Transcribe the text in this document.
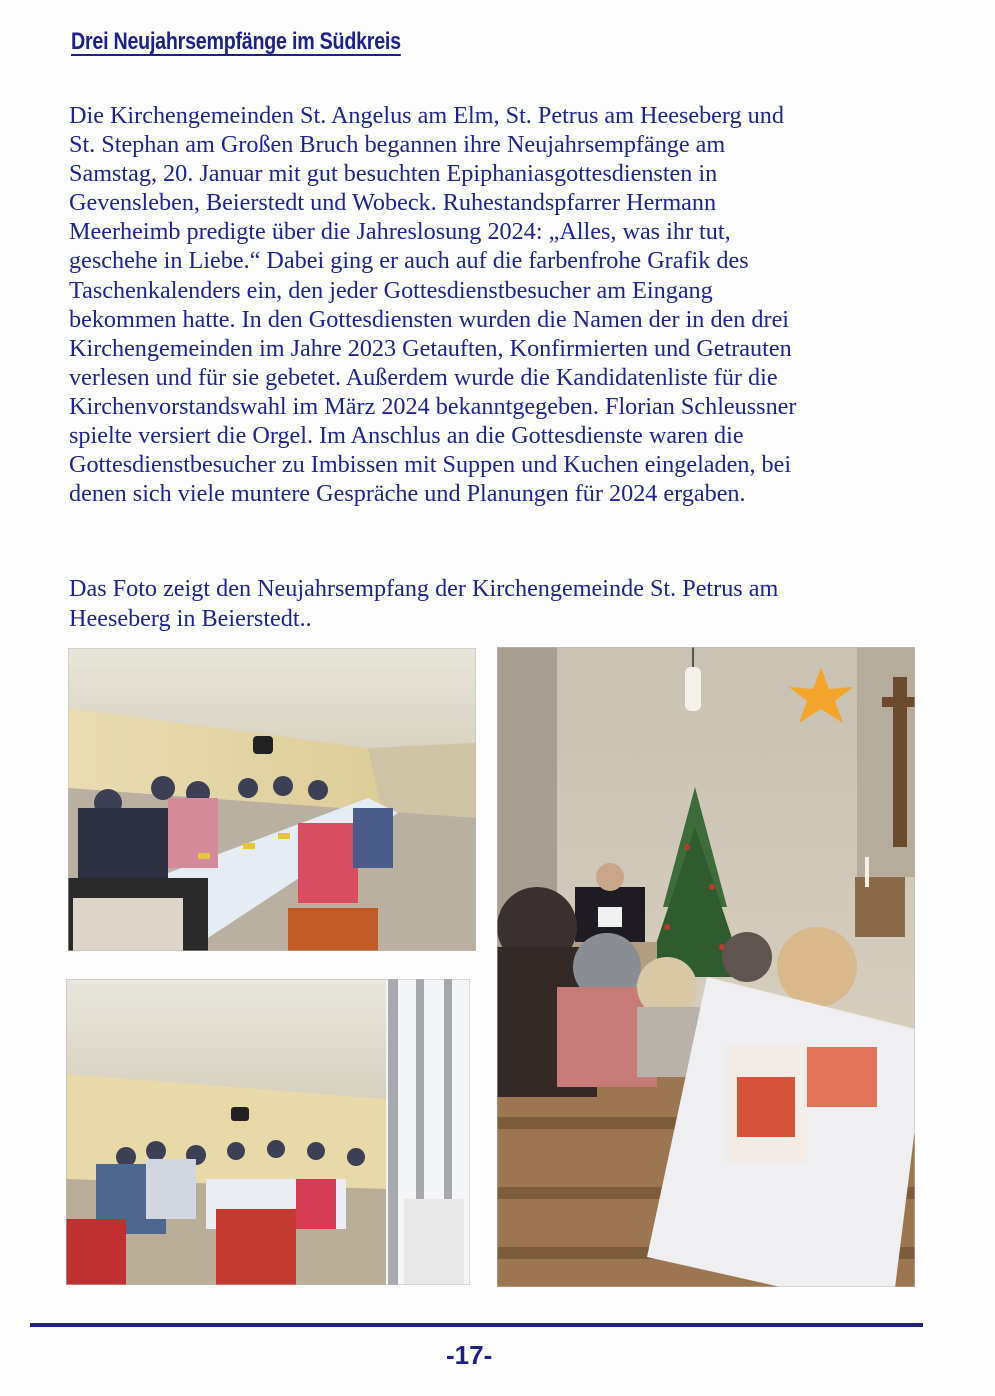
Drei Neujahrsempfänge im Südkreis

Die Kirchengemeinden St. Angelus am Elm, St. Petrus am Heeseberg und

St. Stephan am Großen Bruch begannen ihre Neujahrsempfänge am

Samstag, 20. Januar mit gut besuchten Epiphaniasgottesdiensten in

Gevensleben, Beierstedt und Wobeck. Ruhestandspfarrer Hermann

Meerheimb predigte über die Jahreslosung 2024: „Alles, was ihr tut,

geschehe in Liebe.“ Dabei ging er auch auf die farbenfrohe Grafik des

Taschenkalenders ein, den jeder Gottesdienstbesucher am Eingang

bekommen hatte. In den Gottesdiensten wurden die Namen der in den drei

Kirchengemeinden im Jahre 2023 Getauften, Konfirmierten und Getrauten

verlesen und für sie gebetet. Außerdem wurde die Kandidatenliste für die

Kirchenvorstandswahl im März 2024 bekanntgegeben. Florian Schleussner

spielte versiert die Orgel. Im Anschlus an die Gottesdienste waren die

Gottesdienstbesucher zu Imbissen mit Suppen und Kuchen eingeladen, bei

denen sich viele muntere Gespräche und Planungen für 2024 ergaben.

Das Foto zeigt den Neujahrsempfang der Kirchengemeinde St. Petrus am

Heeseberg in Beierstedt..

-17-
